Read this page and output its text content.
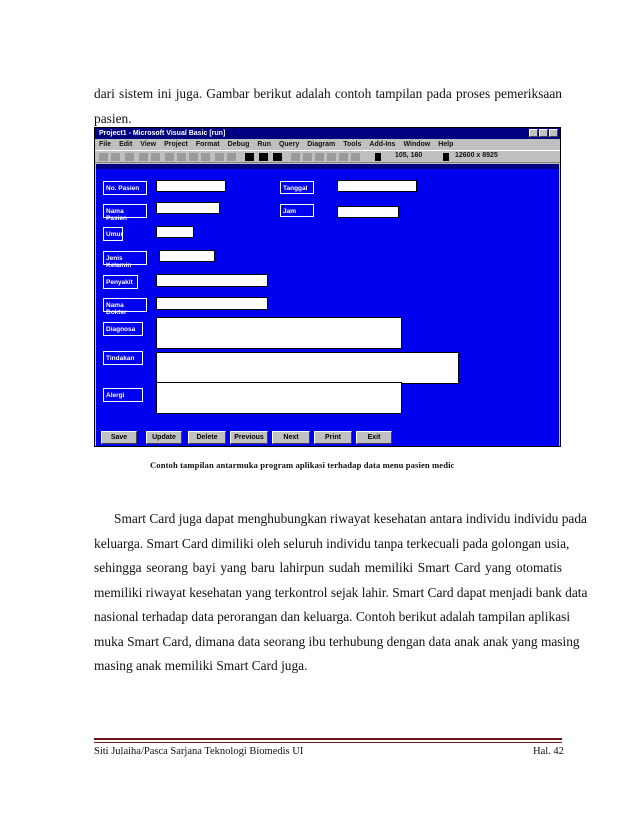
dari sistem ini juga. Gambar berikut adalah contoh tampilan pada proses pemeriksaan
pasien.
Project1 - Microsoft Visual Basic [run]
File Edit View Project Format Debug Run Query Diagram Tools Add-Ins Window Help
105, 160	12600 x 8925
No. Pasien
Nama Pasien
Umur
Jenis Kelamin
Penyakit
Nama Dokter
Diagnosa
Tindakan
Alergi
Tanggal
Jam
Save	Update	Delete	Previous	Next	Print	Exit
Contoh tampilan antarmuka program aplikasi terhadap data menu pasien medic
Smart Card juga dapat menghubungkan riwayat kesehatan antara individu individu pada
keluarga. Smart Card dimiliki oleh seluruh individu tanpa terkecuali pada golongan usia,
sehingga seorang bayi yang baru lahirpun sudah memiliki Smart Card yang otomatis
memiliki riwayat kesehatan yang terkontrol sejak lahir. Smart Card dapat menjadi bank data
nasional terhadap data perorangan dan keluarga. Contoh berikut adalah tampilan aplikasi
muka Smart Card, dimana data seorang ibu terhubung dengan data anak anak yang masing
masing anak memiliki Smart Card juga.
Siti Julaiha/Pasca Sarjana Teknologi Biomedis UI	Hal. 42
